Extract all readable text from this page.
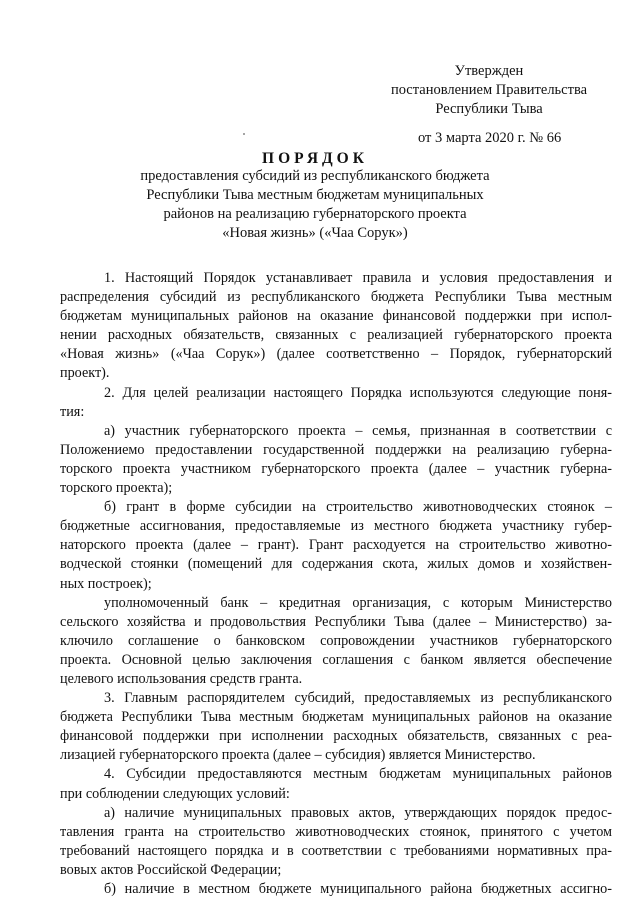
Утвержден
постановлением Правительства
Республики Тыва
от 3 марта 2020 г. № 66
ПОРЯДОК
предоставления субсидий из республиканского бюджета
Республики Тыва местным бюджетам муниципальных
районов на реализацию губернаторского проекта
«Новая жизнь» («Чаа Сорук»)
1. Настоящий Порядок устанавливает правила и условия предоставления и
распределения субсидий из республиканского бюджета Республики Тыва местным
бюджетам муниципальных районов на оказание финансовой поддержки при испол-
нении расходных обязательств, связанных с реализацией губернаторского проекта
«Новая жизнь» («Чаа Сорук») (далее соответственно – Порядок, губернаторский
проект).
2. Для целей реализации настоящего Порядка используются следующие поня-
тия:
а) участник губернаторского проекта – семья, признанная в соответствии с
Положениемо предоставлении государственной поддержки на реализацию губерна-
торского проекта участником губернаторского проекта (далее – участник губерна-
торского проекта);
б) грант в форме субсидии на строительство животноводческих стоянок –
бюджетные ассигнования, предоставляемые из местного бюджета участнику губер-
наторского проекта (далее – грант). Грант расходуется на строительство животно-
водческой стоянки (помещений для содержания скота, жилых домов и хозяйствен-
ных построек);
уполномоченный банк – кредитная организация, с которым Министерство
сельского хозяйства и продовольствия Республики Тыва (далее – Министерство) за-
ключило соглашение о банковском сопровождении участников губернаторского
проекта. Основной целью заключения соглашения с банком является обеспечение
целевого использования средств гранта.
3. Главным распорядителем субсидий, предоставляемых из республиканского
бюджета Республики Тыва местным бюджетам муниципальных районов на оказание
финансовой поддержки при исполнении расходных обязательств, связанных с реа-
лизацией губернаторского проекта (далее – субсидия) является Министерство.
4. Субсидии предоставляются местным бюджетам муниципальных районов
при соблюдении следующих условий:
а) наличие муниципальных правовых актов, утверждающих порядок предос-
тавления гранта на строительство животноводческих стоянок, принятого с учетом
требований настоящего порядка и в соответствии с требованиями нормативных пра-
вовых актов Российской Федерации;
б) наличие в местном бюджете муниципального района бюджетных ассигно-
